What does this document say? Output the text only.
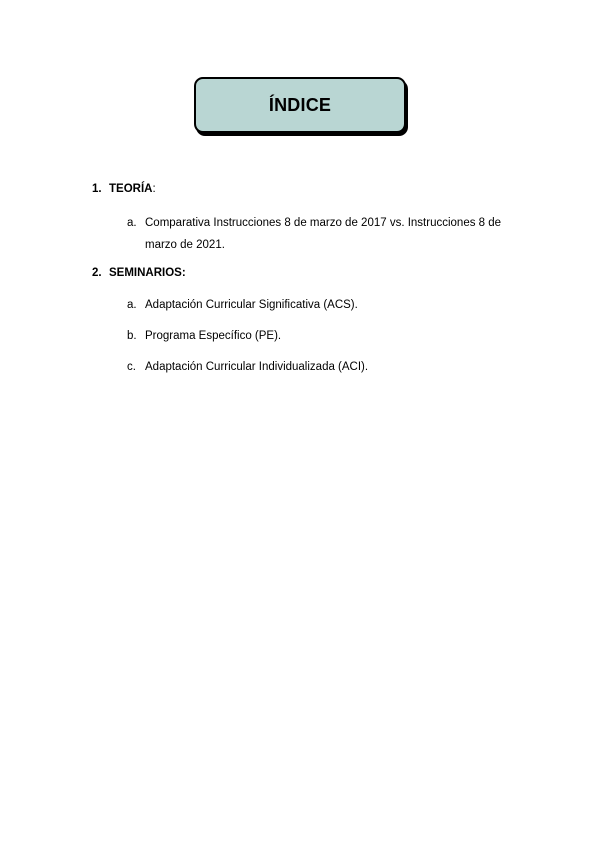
ÍNDICE
1. TEORÍA:
a. Comparativa Instrucciones 8 de marzo de 2017 vs. Instrucciones 8 de marzo de 2021.
2. SEMINARIOS:
a. Adaptación Curricular Significativa (ACS).
b. Programa Específico (PE).
c. Adaptación Curricular Individualizada (ACI).
